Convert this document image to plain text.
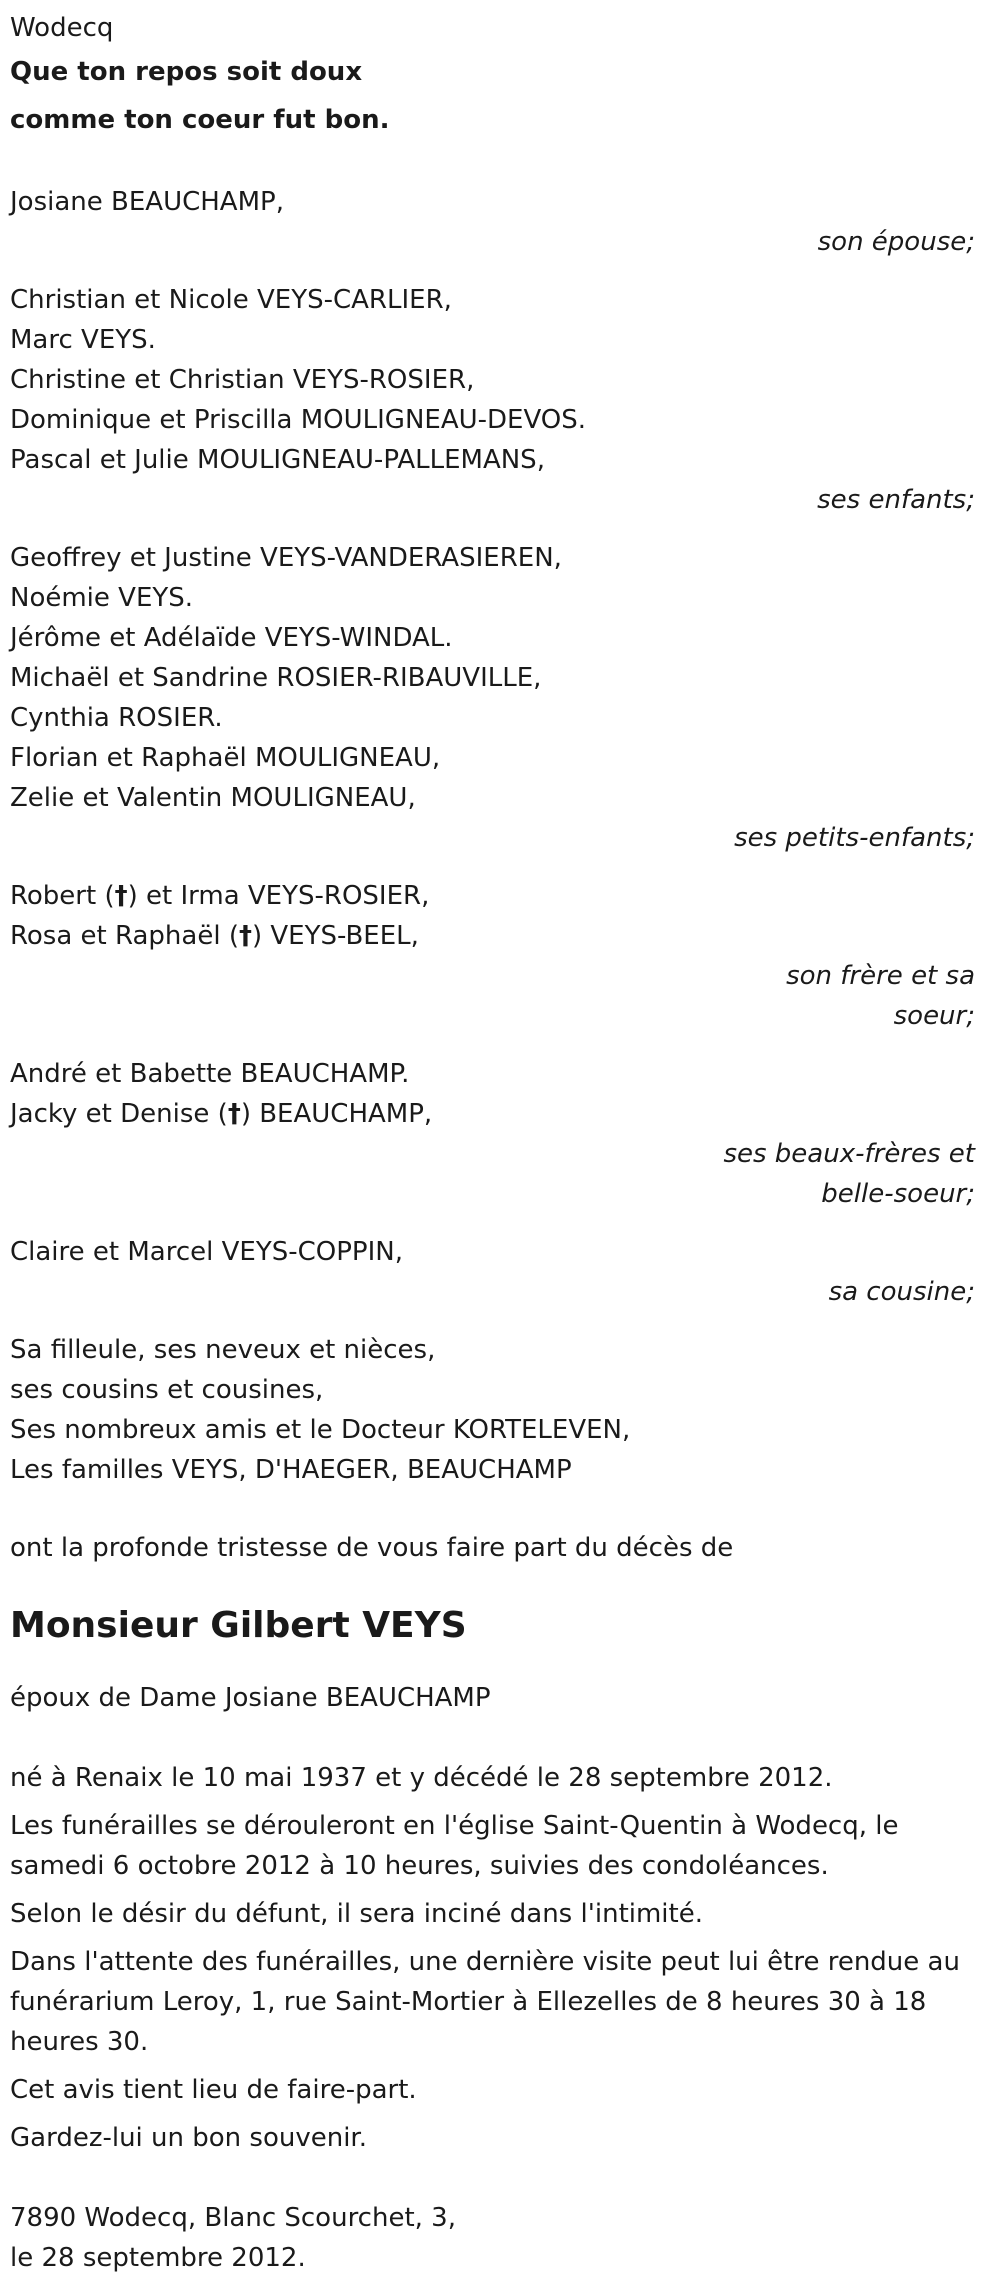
Wodecq
Que ton repos soit doux
comme ton coeur fut bon.
Josiane BEAUCHAMP,
son épouse;
Christian et Nicole VEYS-CARLIER,
Marc VEYS.
Christine et Christian VEYS-ROSIER,
Dominique et Priscilla MOULIGNEAU-DEVOS.
Pascal et Julie MOULIGNEAU-PALLEMANS,
ses enfants;
Geoffrey et Justine VEYS-VANDERASIEREN,
Noémie VEYS.
Jérôme et Adélaïde VEYS-WINDAL.
Michaël et Sandrine ROSIER-RIBAUVILLE,
Cynthia ROSIER.
Florian et Raphaël MOULIGNEAU,
Zelie et Valentin MOULIGNEAU,
ses petits-enfants;
Robert (†) et Irma VEYS-ROSIER,
Rosa et Raphaël (†) VEYS-BEEL,
son frère et sa
soeur;
André et Babette BEAUCHAMP.
Jacky et Denise (†) BEAUCHAMP,
ses beaux-frères et
belle-soeur;
Claire et Marcel VEYS-COPPIN,
sa cousine;
Sa filleule, ses neveux et nièces,
ses cousins et cousines,
Ses nombreux amis et le Docteur KORTELEVEN,
Les familles VEYS, D'HAEGER, BEAUCHAMP
ont la profonde tristesse de vous faire part du décès de
Monsieur Gilbert VEYS
époux de Dame Josiane BEAUCHAMP
né à Renaix le 10 mai 1937 et y décédé le 28 septembre 2012.
Les funérailles se dérouleront en l'église Saint-Quentin à Wodecq, le samedi 6 octobre 2012 à 10 heures, suivies des condoléances.
Selon le désir du défunt, il sera inciné dans l'intimité.
Dans l'attente des funérailles, une dernière visite peut lui être rendue au funérarium Leroy, 1, rue Saint-Mortier à Ellezelles de 8 heures 30 à 18 heures 30.
Cet avis tient lieu de faire-part.
Gardez-lui un bon souvenir.
7890 Wodecq, Blanc Scourchet, 3,
le 28 septembre 2012.
